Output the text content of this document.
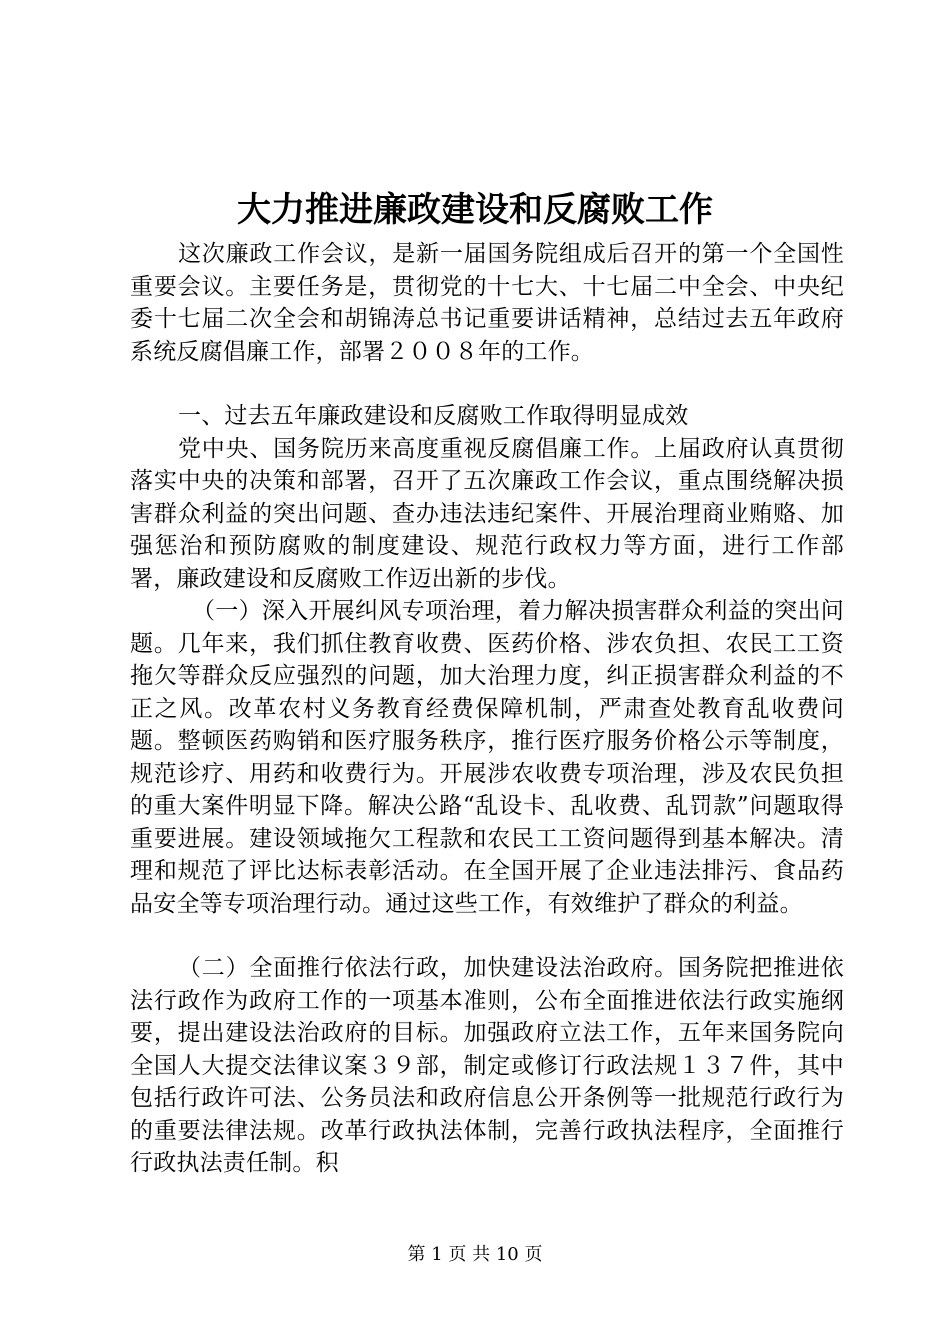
大力推进廉政建设和反腐败工作

这次廉政工作会议，是新一届国务院组成后召开的第一个全国性重要会议。主要任务是，贯彻党的十七大、十七届二中全会、中央纪委十七届二次全会和胡锦涛总书记重要讲话精神，总结过去五年政府系统反腐倡廉工作，部署２００８年的工作。

一、过去五年廉政建设和反腐败工作取得明显成效

党中央、国务院历来高度重视反腐倡廉工作。上届政府认真贯彻落实中央的决策和部署，召开了五次廉政工作会议，重点围绕解决损害群众利益的突出问题、查办违法违纪案件、开展治理商业贿赂、加强惩治和预防腐败的制度建设、规范行政权力等方面，进行工作部署，廉政建设和反腐败工作迈出新的步伐。

（一）深入开展纠风专项治理，着力解决损害群众利益的突出问题。几年来，我们抓住教育收费、医药价格、涉农负担、农民工工资拖欠等群众反应强烈的问题，加大治理力度，纠正损害群众利益的不正之风。改革农村义务教育经费保障机制，严肃查处教育乱收费问题。整顿医药购销和医疗服务秩序，推行医疗服务价格公示等制度，规范诊疗、用药和收费行为。开展涉农收费专项治理，涉及农民负担的重大案件明显下降。解决公路“乱设卡、乱收费、乱罚款”问题取得重要进展。建设领域拖欠工程款和农民工工资问题得到基本解决。清理和规范了评比达标表彰活动。在全国开展了企业违法排污、食品药品安全等专项治理行动。通过这些工作，有效维护了群众的利益。

（二）全面推行依法行政，加快建设法治政府。国务院把推进依法行政作为政府工作的一项基本准则，公布全面推进依法行政实施纲要，提出建设法治政府的目标。加强政府立法工作，五年来国务院向全国人大提交法律议案３９部，制定或修订行政法规１３７件，其中包括行政许可法、公务员法和政府信息公开条例等一批规范行政行为的重要法律法规。改革行政执法体制，完善行政执法程序，全面推行行政执法责任制。积

第 1 页 共 10 页
